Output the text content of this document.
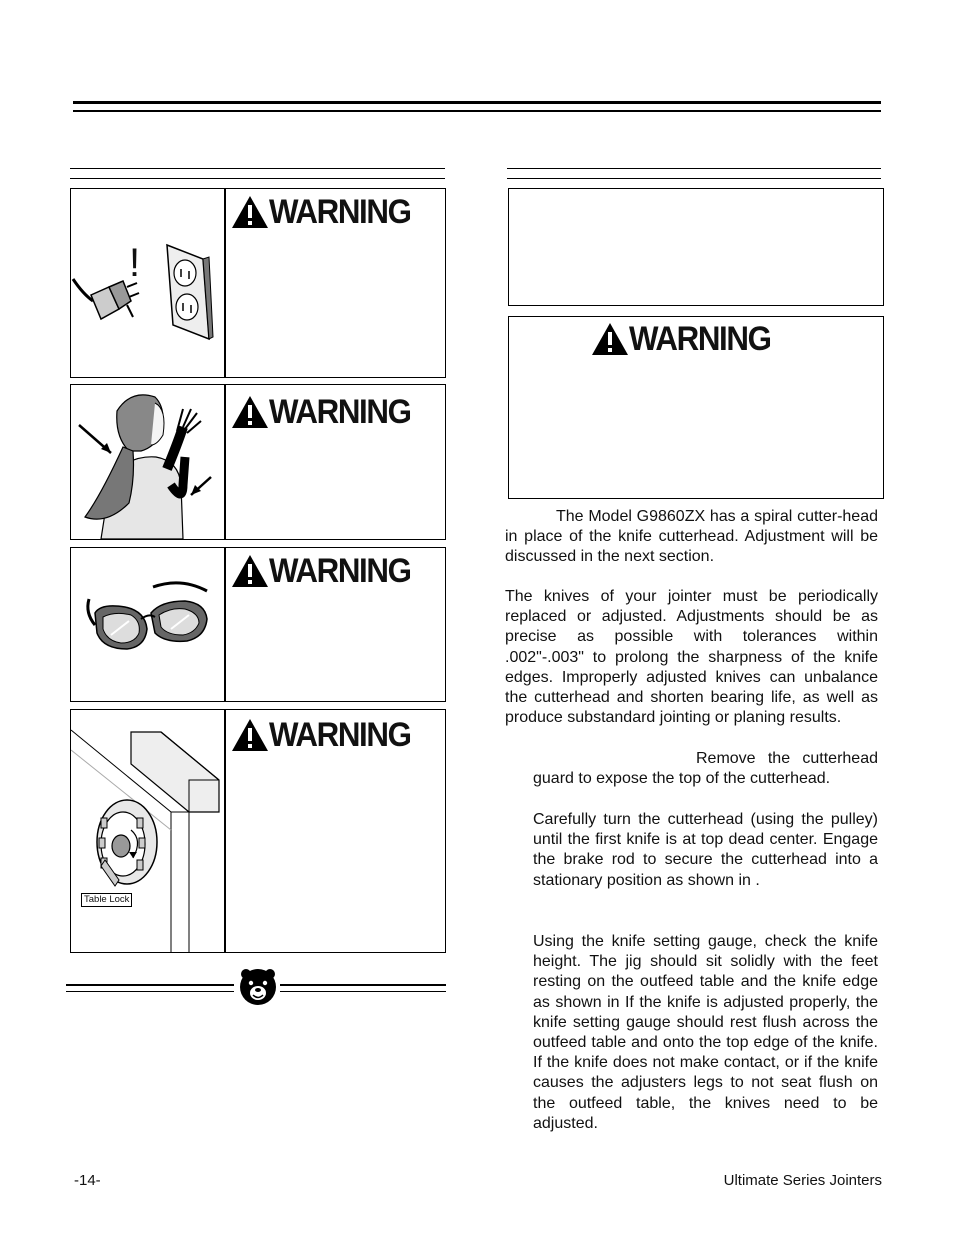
!
WARNING
WARNING
WARNING
Table Lock
WARNING
WARNING
The Model G9860ZX has a spiral cutter-head in place of the knife cutterhead. Adjustment will be discussed in the next section.
The knives of your jointer must be periodically replaced or adjusted. Adjustments should be as precise as possible with tolerances within .002"-.003" to prolong the sharpness of the knife edges. Improperly adjusted knives can unbalance the cutterhead and shorten bearing life, as well as produce substandard jointing or planing results.
Remove the cutterhead guard to expose the top of the cutterhead.
Carefully turn the cutterhead (using the pulley) until the first knife is at top dead center. Engage the brake rod to secure the cutterhead into a stationary position as shown in .
Using the knife setting gauge, check the knife height. The jig should sit solidly with the feet resting on the outfeed table and the knife edge as shown in If the knife is adjusted properly, the knife setting gauge should rest flush across the outfeed table and onto the top edge of the knife. If the knife does not make contact, or if the knife causes the adjusters legs to not seat flush on the outfeed table, the knives need to be adjusted.
-14-	Ultimate Series Jointers
